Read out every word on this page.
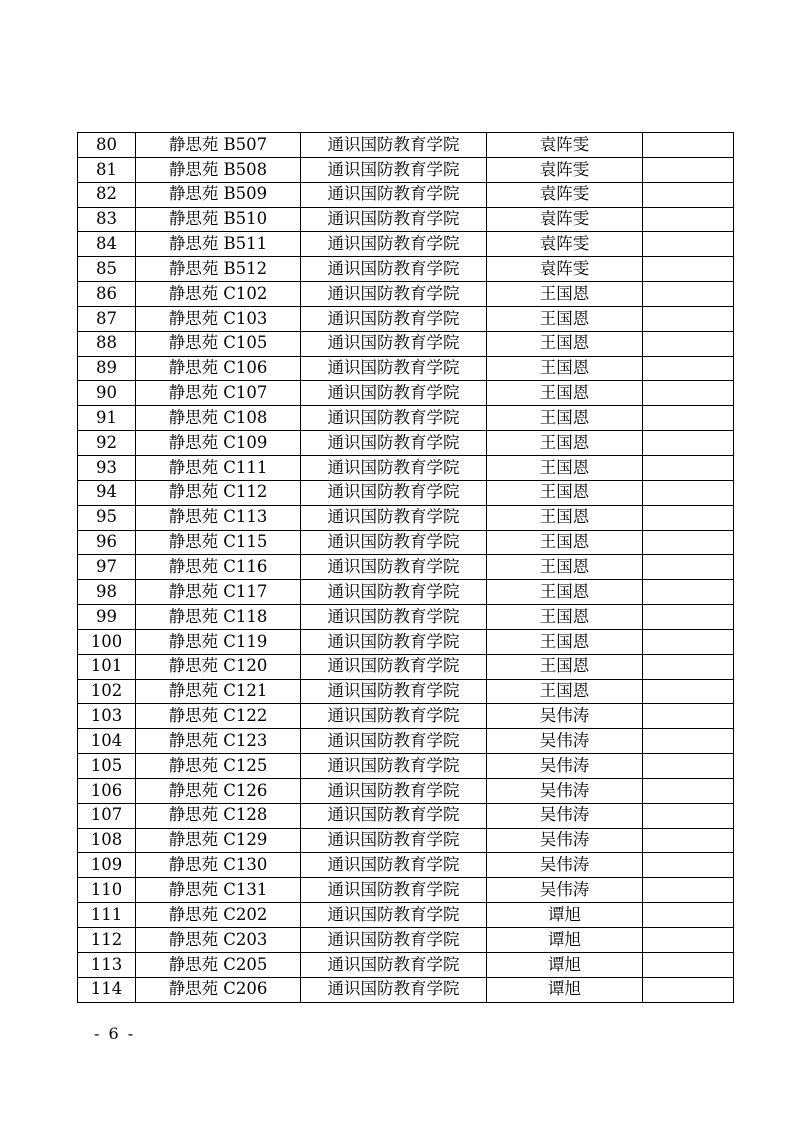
80	静思苑 B507	通识国防教育学院	袁阵雯	
81	静思苑 B508	通识国防教育学院	袁阵雯	
82	静思苑 B509	通识国防教育学院	袁阵雯	
83	静思苑 B510	通识国防教育学院	袁阵雯	
84	静思苑 B511	通识国防教育学院	袁阵雯	
85	静思苑 B512	通识国防教育学院	袁阵雯	
86	静思苑 C102	通识国防教育学院	王国恩	
87	静思苑 C103	通识国防教育学院	王国恩	
88	静思苑 C105	通识国防教育学院	王国恩	
89	静思苑 C106	通识国防教育学院	王国恩	
90	静思苑 C107	通识国防教育学院	王国恩	
91	静思苑 C108	通识国防教育学院	王国恩	
92	静思苑 C109	通识国防教育学院	王国恩	
93	静思苑 C111	通识国防教育学院	王国恩	
94	静思苑 C112	通识国防教育学院	王国恩	
95	静思苑 C113	通识国防教育学院	王国恩	
96	静思苑 C115	通识国防教育学院	王国恩	
97	静思苑 C116	通识国防教育学院	王国恩	
98	静思苑 C117	通识国防教育学院	王国恩	
99	静思苑 C118	通识国防教育学院	王国恩	
100	静思苑 C119	通识国防教育学院	王国恩	
101	静思苑 C120	通识国防教育学院	王国恩	
102	静思苑 C121	通识国防教育学院	王国恩	
103	静思苑 C122	通识国防教育学院	吴伟涛	
104	静思苑 C123	通识国防教育学院	吴伟涛	
105	静思苑 C125	通识国防教育学院	吴伟涛	
106	静思苑 C126	通识国防教育学院	吴伟涛	
107	静思苑 C128	通识国防教育学院	吴伟涛	
108	静思苑 C129	通识国防教育学院	吴伟涛	
109	静思苑 C130	通识国防教育学院	吴伟涛	
110	静思苑 C131	通识国防教育学院	吴伟涛	
111	静思苑 C202	通识国防教育学院	谭旭	
112	静思苑 C203	通识国防教育学院	谭旭	
113	静思苑 C205	通识国防教育学院	谭旭	
114	静思苑 C206	通识国防教育学院	谭旭	
- 6 -
